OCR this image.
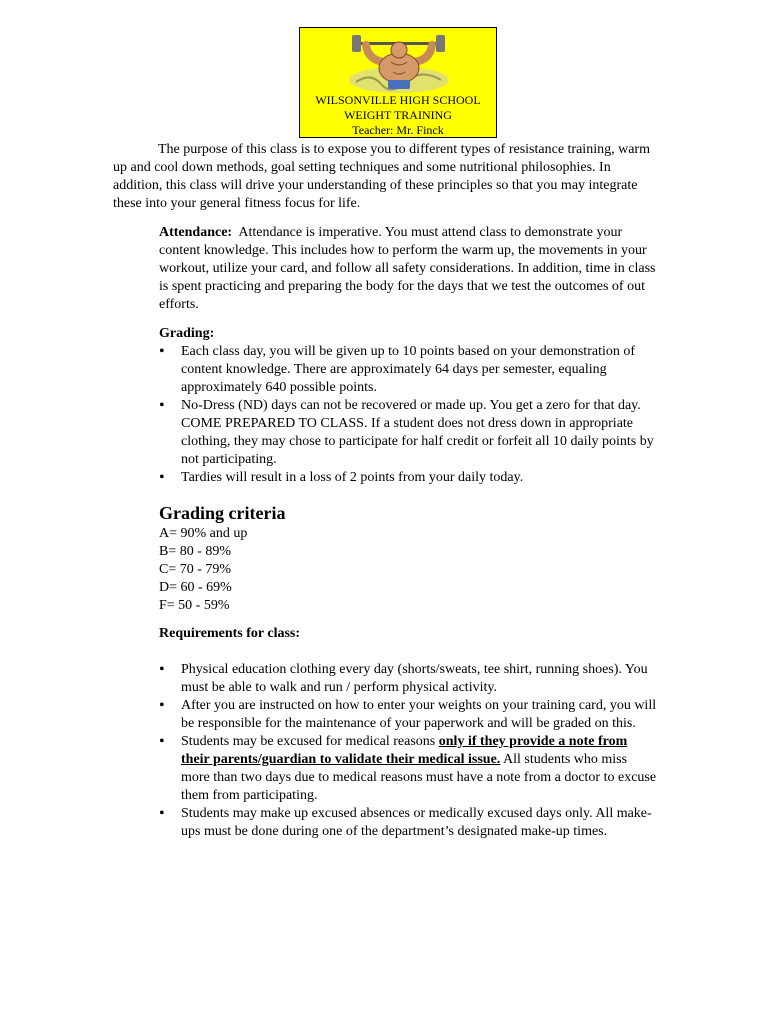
WILSONVILLE HIGH SCHOOL
WEIGHT TRAINING
Teacher: Mr. Finck

The purpose of this class is to expose you to different types of resistance training, warm up and cool down methods, goal setting techniques and some nutritional philosophies. In addition, this class will drive your understanding of these principles so that you may integrate these into your general fitness focus for life.

Attendance: Attendance is imperative. You must attend class to demonstrate your content knowledge. This includes how to perform the warm up, the movements in your workout, utilize your card, and follow all safety considerations. In addition, time in class is spent practicing and preparing the body for the days that we test the outcomes of out efforts.

Grading:

• Each class day, you will be given up to 10 points based on your demonstration of content knowledge. There are approximately 64 days per semester, equaling approximately 640 possible points.
• No-Dress (ND) days can not be recovered or made up. You get a zero for that day. COME PREPARED TO CLASS. If a student does not dress down in appropriate clothing, they may chose to participate for half credit or forfeit all 10 daily points by not participating.
• Tardies will result in a loss of 2 points from your daily today.

Grading criteria

A= 90% and up
B= 80 - 89%
C= 70 - 79%
D= 60 - 69%
F= 50 - 59%

Requirements for class:

• Physical education clothing every day (shorts/sweats, tee shirt, running shoes). You must be able to walk and run / perform physical activity.
• After you are instructed on how to enter your weights on your training card, you will be responsible for the maintenance of your paperwork and will be graded on this.
• Students may be excused for medical reasons only if they provide a note from their parents/guardian to validate their medical issue. All students who miss more than two days due to medical reasons must have a note from a doctor to excuse them from participating.
• Students may make up excused absences or medically excused days only. All make-ups must be done during one of the department’s designated make-up times.
